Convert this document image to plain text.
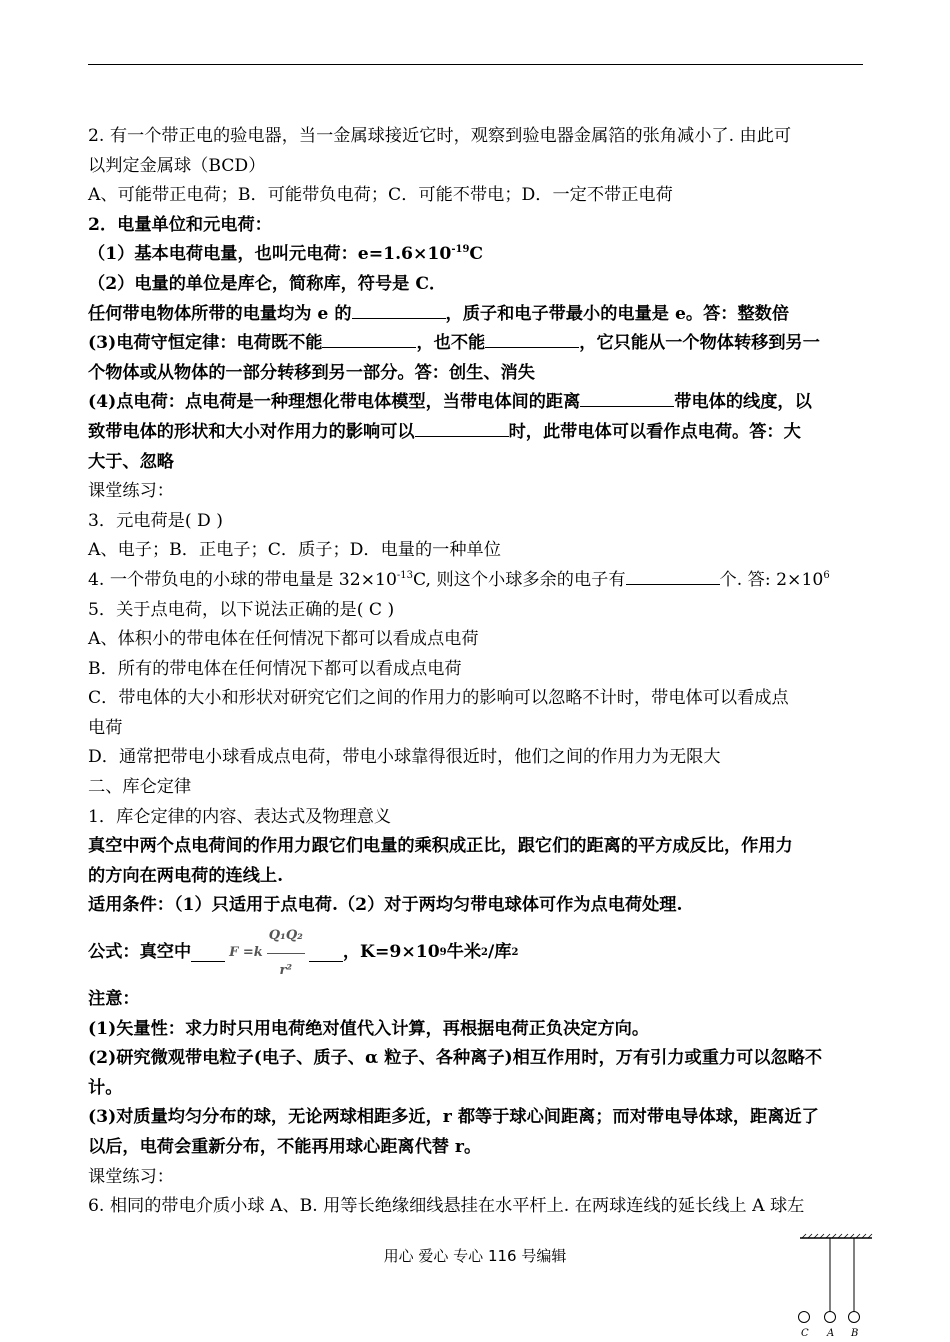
2. 有一个带正电的验电器，当一金属球接近它时，观察到验电器金属箔的张角减小了. 由此可
以判定金属球（BCD）
A、可能带正电荷；B．可能带负电荷；C．可能不带电；D．一定不带正电荷
2．电量单位和元电荷：
（1）基本电荷电量，也叫元电荷：$e=1.6\times 10^{-19}C$
（2）电量的单位是库仑，简称库，符号是 C．
任何带电物体所带的电量均为 e 的	，质子和电子带最小的电量是 e。答：整数倍
(3)电荷守恒定律：电荷既不能	，也不能	，它只能从一个物体转移到另一
个物体或从物体的一部分转移到另一部分。答：创生、消失
(4)点电荷：点电荷是一种理想化带电体模型，当带电体间的距离	带电体的线度，以
致带电体的形状和大小对作用力的影响可以	时，此带电体可以看作点电荷。答：大
大于、忽略
课堂练习：
3．元电荷是( D )
A、电子；B．正电子；C．质子；D．电量的一种单位
4. 一个带负电的小球的带电量是 $32\times 10^{-13}C$, 则这个小球多余的电子有	个. 答: $2\times 10^6$
5．关于点电荷，以下说法正确的是( C )
A、体积小的带电体在任何情况下都可以看成点电荷
B．所有的带电体在任何情况下都可以看成点电荷
C．带电体的大小和形状对研究它们之间的作用力的影响可以忽略不计时，带电体可以看成点
电荷
D．通常把带电小球看成点电荷，带电小球靠得很近时，他们之间的作用力为无限大
二、库仑定律
1．库仑定律的内容、表达式及物理意义
真空中两个点电荷间的作用力跟它们电量的乘积成正比，跟它们的距离的平方成反比，作用力
的方向在两电荷的连线上.
适用条件：（1）只适用于点电荷.（2）对于两均匀带电球体可作为点电荷处理.
公式：真空中	$F =k \frac{\text{Q₁Q₂}}{\text{r²}}$ ，K=9×10 9 牛米 2 /库 2
注意：
(1)矢量性：求力时只用电荷绝对值代入计算，再根据电荷正负决定方向。
(2)研究微观带电粒子(电子、质子、α 粒子、各种离子)相互作用时，万有引力或重力可以忽略不
计。
(3)对质量均匀分布的球，无论两球相距多近，r 都等于球心间距离；而对带电导体球，距离近了
以后，电荷会重新分布，不能再用球心距离代替 r。
课堂练习：
6. 相同的带电介质小球 A、B. 用等长绝缘细线悬挂在水平杆上. 在两球连线的延长线上 A 球左
用心 爱心 专心 116 号编辑
C A B
